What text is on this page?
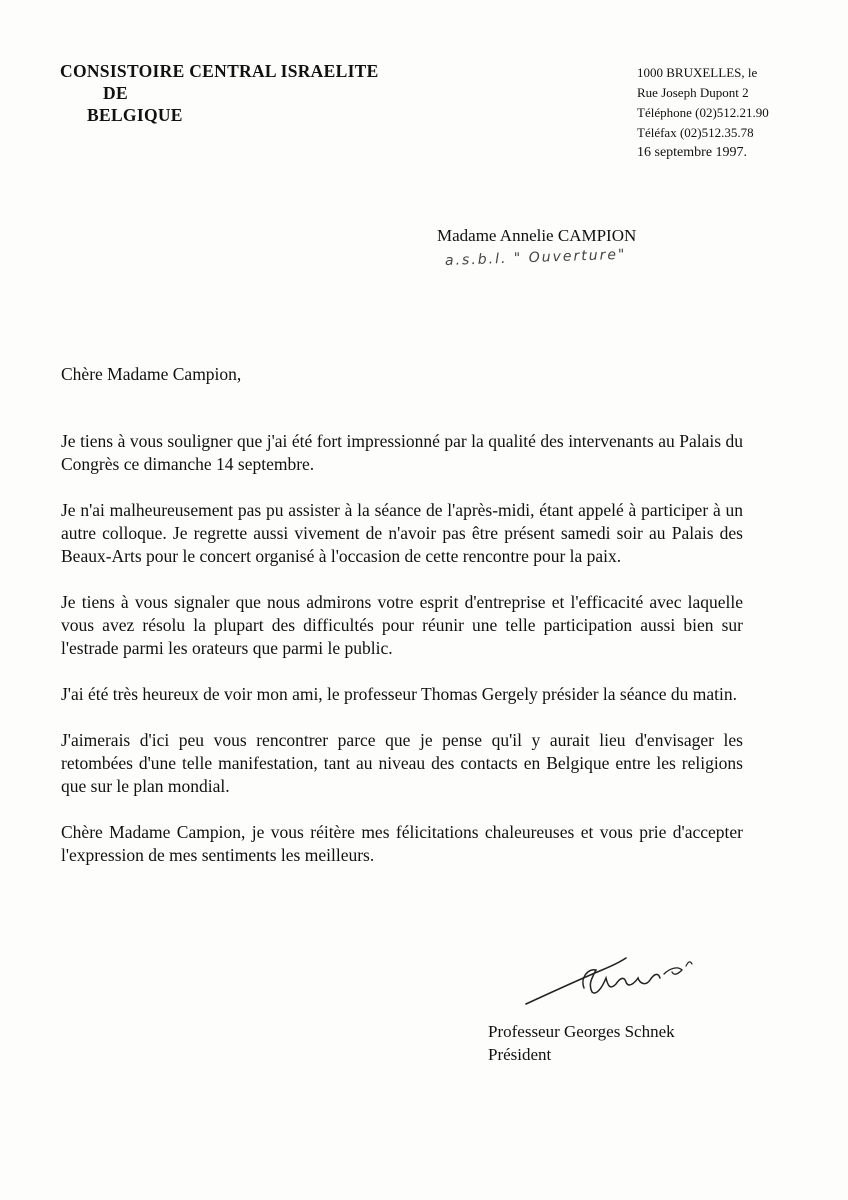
CONSISTOIRE CENTRAL ISRAELITE
DE
BELGIQUE
1000 BRUXELLES, le
Rue Joseph Dupont 2
Téléphone (02)512.21.90
Téléfax (02)512.35.78
16 septembre 1997.
Madame Annelie CAMPION
a.s.b.l. " Ouverture"

Chère Madame Campion,

Je tiens à vous souligner que j'ai été fort impressionné par la qualité des intervenants au Palais du Congrès ce dimanche 14 septembre.

Je n'ai malheureusement pas pu assister à la séance de l'après-midi, étant appelé à participer à un autre colloque. Je regrette aussi vivement de n'avoir pas être présent samedi soir au Palais des Beaux-Arts pour le concert organisé à l'occasion de cette rencontre pour la paix.

Je tiens à vous signaler que nous admirons votre esprit d'entreprise et l'efficacité avec laquelle vous avez résolu la plupart des difficultés pour réunir une telle participation aussi bien sur l'estrade parmi les orateurs que parmi le public.

J'ai été très heureux de voir mon ami, le professeur Thomas Gergely présider la séance du matin.

J'aimerais d'ici peu vous rencontrer parce que je pense qu'il y aurait lieu d'envisager les retombées d'une telle manifestation, tant au niveau des contacts en Belgique entre les religions que sur le plan mondial.

Chère Madame Campion, je vous réitère mes félicitations chaleureuses et vous prie d'accepter l'expression de mes sentiments les meilleurs.

Professeur Georges Schnek
Président
